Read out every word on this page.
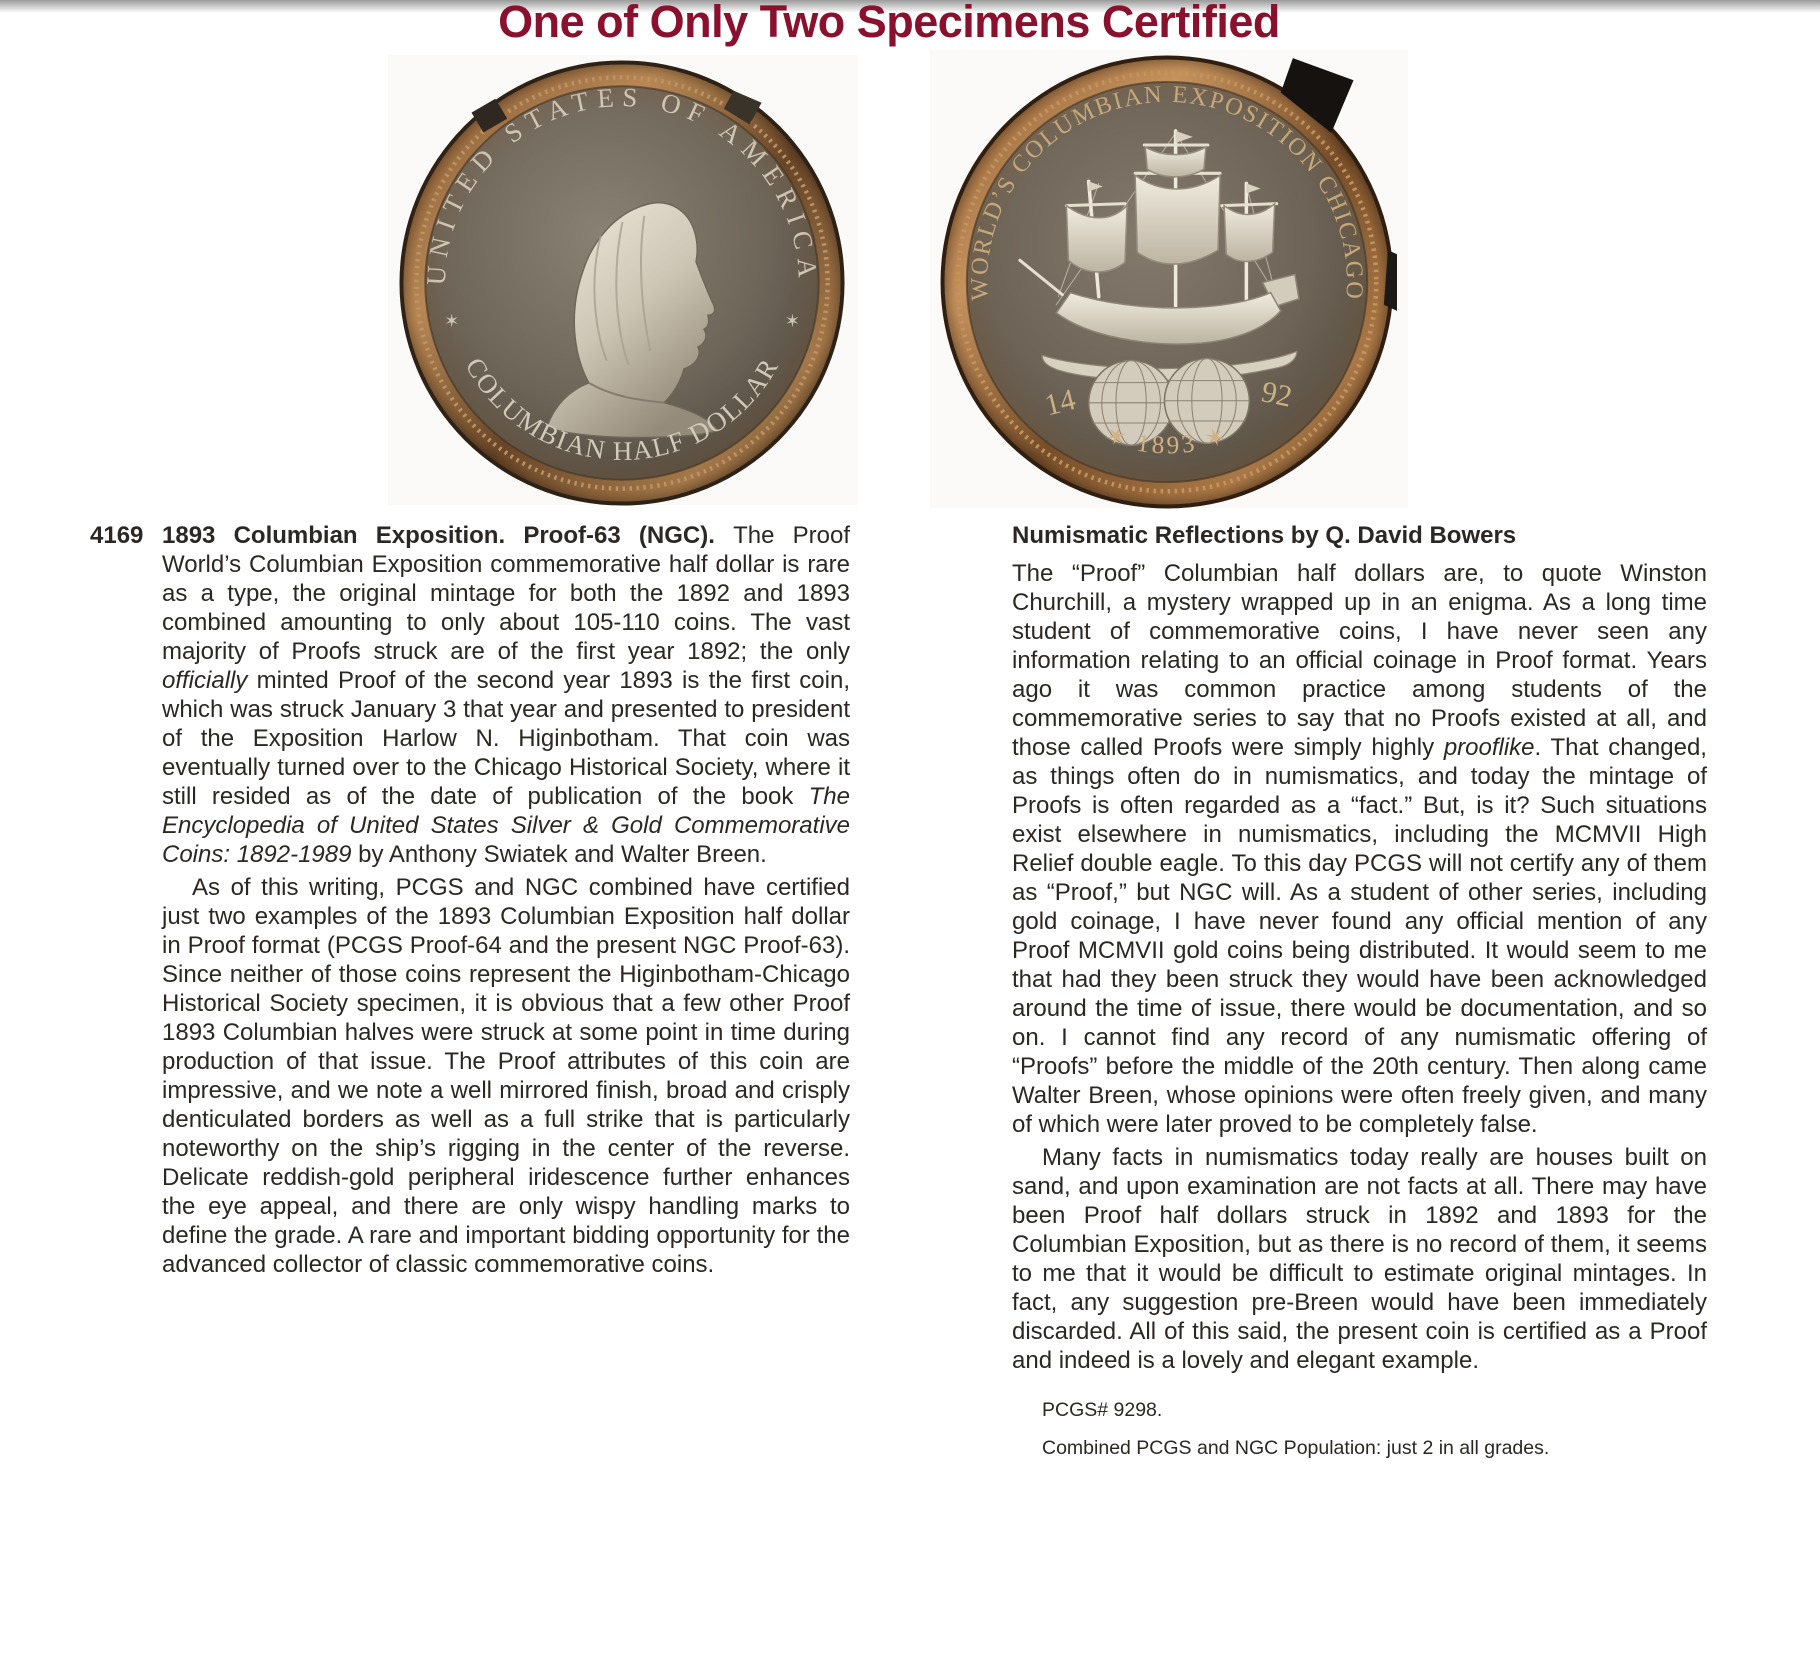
One of Only Two Specimens Certified

4169 1893 Columbian Exposition. Proof-63 (NGC). The Proof World’s Columbian Exposition commemorative half dollar is rare as a type, the original mintage for both the 1892 and 1893 combined amounting to only about 105-110 coins. The vast majority of Proofs struck are of the first year 1892; the only officially minted Proof of the second year 1893 is the first coin, which was struck January 3 that year and presented to president of the Exposition Harlow N. Higinbotham. That coin was eventually turned over to the Chicago Historical Society, where it still resided as of the date of publication of the book The Encyclopedia of United States Silver & Gold Commemorative Coins: 1892-1989 by Anthony Swiatek and Walter Breen.

As of this writing, PCGS and NGC combined have certified just two examples of the 1893 Columbian Exposition half dollar in Proof format (PCGS Proof-64 and the present NGC Proof-63). Since neither of those coins represent the Higinbotham-Chicago Historical Society specimen, it is obvious that a few other Proof 1893 Columbian halves were struck at some point in time during production of that issue. The Proof attributes of this coin are impressive, and we note a well mirrored finish, broad and crisply denticulated borders as well as a full strike that is particularly noteworthy on the ship’s rigging in the center of the reverse. Delicate reddish-gold peripheral iridescence further enhances the eye appeal, and there are only wispy handling marks to define the grade. A rare and important bidding opportunity for the advanced collector of classic commemorative coins.

Numismatic Reflections by Q. David Bowers

The “Proof” Columbian half dollars are, to quote Winston Churchill, a mystery wrapped up in an enigma. As a long time student of commemorative coins, I have never seen any information relating to an official coinage in Proof format. Years ago it was common practice among students of the commemorative series to say that no Proofs existed at all, and those called Proofs were simply highly prooflike. That changed, as things often do in numismatics, and today the mintage of Proofs is often regarded as a “fact.” But, is it? Such situations exist elsewhere in numismatics, including the MCMVII High Relief double eagle. To this day PCGS will not certify any of them as “Proof,” but NGC will. As a student of other series, including gold coinage, I have never found any official mention of any Proof MCMVII gold coins being distributed. It would seem to me that had they been struck they would have been acknowledged around the time of issue, there would be documentation, and so on. I cannot find any record of any numismatic offering of “Proofs” before the middle of the 20th century. Then along came Walter Breen, whose opinions were often freely given, and many of which were later proved to be completely false.

Many facts in numismatics today really are houses built on sand, and upon examination are not facts at all. There may have been Proof half dollars struck in 1892 and 1893 for the Columbian Exposition, but as there is no record of them, it seems to me that it would be difficult to estimate original mintages. In fact, any suggestion pre-Breen would have been immediately discarded. All of this said, the present coin is certified as a Proof and indeed is a lovely and elegant example.

PCGS# 9298.
Combined PCGS and NGC Population: just 2 in all grades.
